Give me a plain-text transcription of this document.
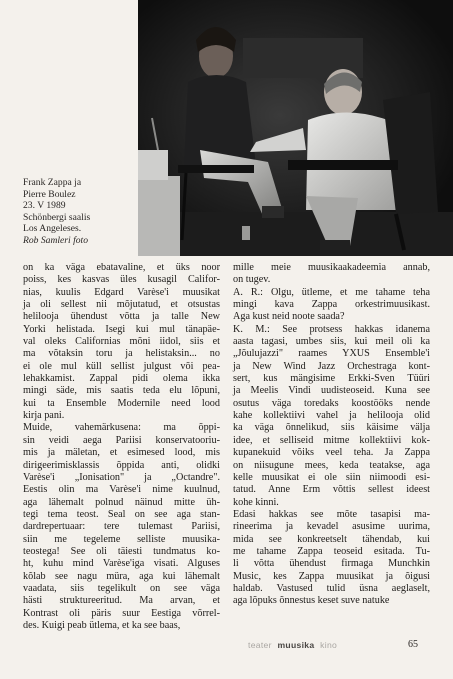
Frank Zappa ja
Pierre Boulez
23. V 1989
Schönbergi saalis
Los Angeleses.
Rob Samleri foto
on ka väga ebatavaline, et üks noor
poiss, kes kasvas üles kusagil Califor-
nias, kuulis Edgard Varèse'i muusikat
ja oli sellest nii mõjutatud, et otsustas
helilooja ühendust võtta ja talle New
Yorki helistada. Isegi kui mul tänapäe-
val oleks Californias mõni iidol, siis et
ma võtaksin toru ja helistaksin... no
ei ole mul küll sellist julgust või pea-
lehakkamist. Zappal pidi olema ikka
mingi säde, mis saatis teda elu lõpuni,
kui ta Ensemble Modernile need lood
kirja pani.
Muide, vahemärkusena: ma õppi-
sin veidi aega Pariisi konservatooriu-
mis ja mäletan, et esimesed lood, mis
dirigeerimisklassis õppida anti, olidki
Varèse'i „Ionisation" ja „Octandre".
Eestis olin ma Varèse'i nime kuulnud,
aga lähemalt polnud näinud mitte üh-
tegi tema teost. Seal on see aga stan-
dardrepertuaar: tere tulemast Pariisi,
siin me tegeleme selliste muusika-
teostega! See oli täiesti tundmatus ko-
ht, kuhu mind Varèse'iga visati. Alguses
kõlab see nagu müra, aga kui lähemalt
vaadata, siis tegelikult on see väga
hästi struktureeritud. Ma arvan, et
Kontrast oli päris suur Eestiga võrrel-
des. Kuigi peab ütlema, et ka see baas,
mille meie muusikaakadeemia annab,
on tugev.
A. R.: Olgu, ütleme, et me tahame teha
mingi kava Zappa orkestrimuusikast.
Aga kust neid noote saada?
K. M.: See protsess hakkas idanema
aasta tagasi, umbes siis, kui meil oli ka
„Jõulujazzi" raames YXUS Ensemble'i
ja New Wind Jazz Orchestraga kont-
sert, kus mängisime Erkki-Sven Tüüri
ja Meelis Vindi uudisteoseid. Kuna see
osutus väga toredaks koostööks nende
kahe kollektiivi vahel ja helilooja olid
ka väga õnnelikud, siis käisime välja
idee, et selliseid mitme kollektiivi kok-
kupanekuid võiks veel teha. Ja Zappa
on niisugune mees, keda teatakse, aga
kelle muusikat ei ole siin niimoodi esi-
tatud. Anne Erm võttis sellest ideest
kohe kinni.
Edasi hakkas see mõte tasapisi ma-
rineerima ja kevadel asusime uurima,
mida see konkreetselt tähendab, kui
me tahame Zappa teoseid esitada. Tu-
li võtta ühendust firmaga Munchkin
Music, kes Zappa muusikat ja õigusi
haldab. Vastused tulid üsna aeglaselt,
aga lõpuks õnnestus keset suve natuke
teater muusika kino	65
